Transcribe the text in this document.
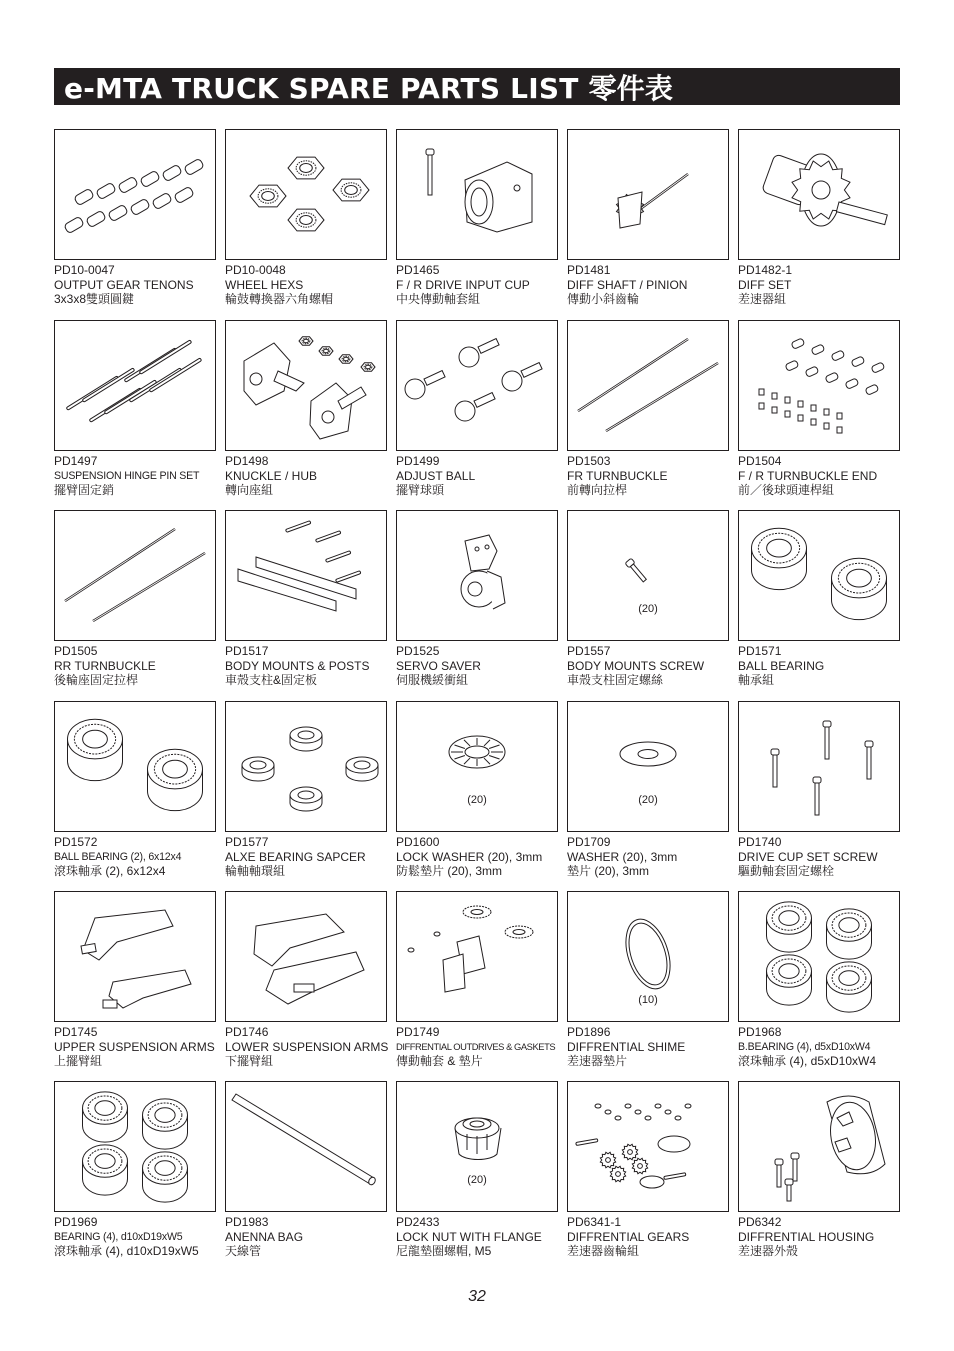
e-MTA TRUCK SPARE PARTS LIST 零件表
PD10-0047
OUTPUT GEAR TENONS
3x3x8雙頭圓鍵
PD10-0048
WHEEL HEXS
輪鼓轉換器六角螺帽
PD1465
F / R DRIVE INPUT CUP
中央傳動軸套組
PD1481
DIFF SHAFT / PINION
傳動小斜齒輪
PD1482-1
DIFF SET
差速器組
PD1497
SUSPENSION HINGE PIN SET
擺臂固定銷
PD1498
KNUCKLE / HUB
轉向座組
PD1499
ADJUST BALL
擺臂球頭
PD1503
FR TURNBUCKLE
前轉向拉桿
PD1504
F / R TURNBUCKLE END
前／後球頭連桿組
PD1505
RR TURNBUCKLE
後輪座固定拉桿
PD1517
BODY MOUNTS & POSTS
車殼支柱&固定板
PD1525
SERVO SAVER
伺服機緩衝組
(20)
PD1557
BODY MOUNTS SCREW
車殼支柱固定螺絲
PD1571
BALL BEARING
軸承組
PD1572
BALL BEARING (2), 6x12x4
滾珠軸承 (2), 6x12x4
PD1577
ALXE BEARING SAPCER
輪軸軸環組
(20)
PD1600
LOCK WASHER (20), 3mm
防鬆墊片 (20), 3mm
(20)
PD1709
WASHER (20), 3mm
墊片 (20), 3mm
PD1740
DRIVE CUP SET SCREW
驅動軸套固定螺栓
PD1745
UPPER SUSPENSION ARMS
上擺臂組
PD1746
LOWER SUSPENSION ARMS
下擺臂組
PD1749
DIFFRENTIAL OUTDRIVES & GASKETS
傳動軸套 & 墊片
(10)
PD1896
DIFFRENTIAL SHIME
差速器墊片
PD1968
B.BEARING (4), d5xD10xW4
滾珠軸承 (4), d5xD10xW4
PD1969
BEARING (4), d10xD19xW5
滾珠軸承 (4), d10xD19xW5
PD1983
ANENNA BAG
天線管
(20)
PD2433
LOCK NUT WITH FLANGE
尼龍墊圈螺帽, M5
PD6341-1
DIFFRENTIAL GEARS
差速器齒輪組
PD6342
DIFFRENTIAL HOUSING
差速器外殼
32
